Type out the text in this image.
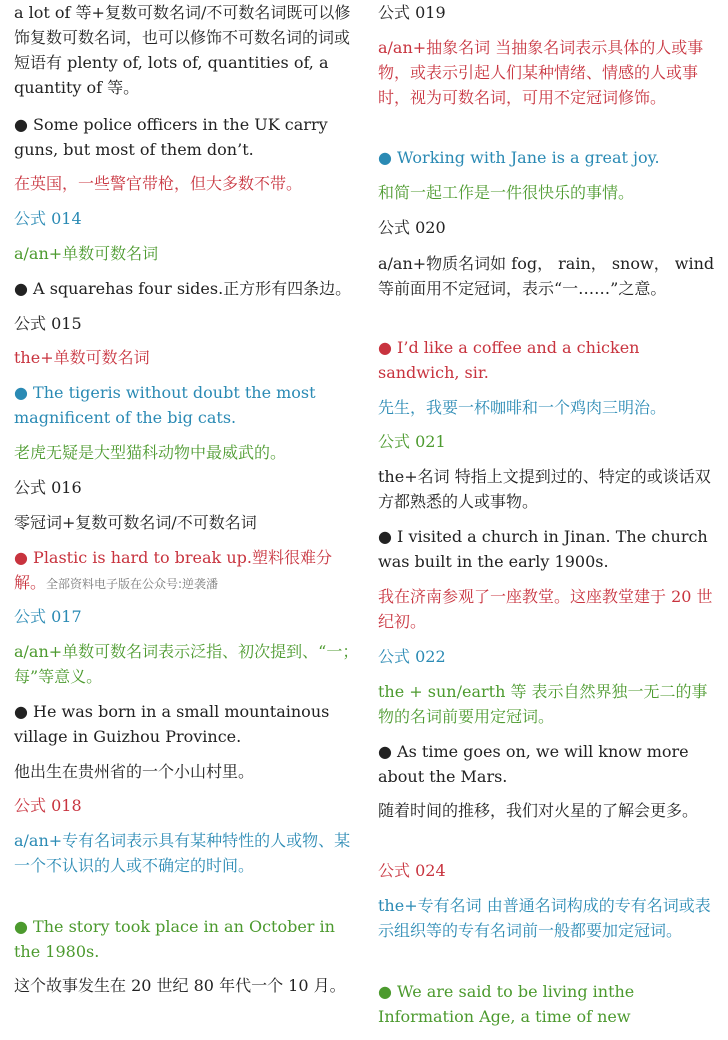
a lot of 等+复数可数名词/不可数名词既可以修饰复数可数名词，也可以修饰不可数名词的词或短语有 plenty of, lots of, quantities of, a quantity of 等。

● Some police officers in the UK carry guns, but most of them don’t.

在英国，一些警官带枪，但大多数不带。

公式 014

a/an+单数可数名词

● A squarehas four sides.正方形有四条边。

公式 015

the+单数可数名词

● The tigeris without doubt the most magnificent of the big cats.

老虎无疑是大型猫科动物中最威武的。

公式 016

零冠词+复数可数名词/不可数名词

● Plastic is hard to break up.塑料很难分解。全部资料电子版在公众号:逆袭潘

公式 017

a/an+单数可数名词表示泛指、初次提到、“一；每”等意义。

● He was born in a small mountainous village in Guizhou Province.

他出生在贵州省的一个小山村里。

公式 018

a/an+专有名词表示具有某种特性的人或物、某一个不认识的人或不确定的时间。

● The story took place in an October in the 1980s.

这个故事发生在 20 世纪 80 年代一个 10 月。

公式 019

a/an+抽象名词 当抽象名词表示具体的人或事物，或表示引起人们某种情绪、情感的人或事时，视为可数名词，可用不定冠词修饰。

● Working with Jane is a great joy.

和简一起工作是一件很快乐的事情。

公式 020

a/an+物质名词如 fog， rain， snow， wind 等前面用不定冠词，表示“一……”之意。

● I’d like a coffee and a chicken sandwich, sir.

先生，我要一杯咖啡和一个鸡肉三明治。

公式 021

the+名词 特指上文提到过的、特定的或谈话双方都熟悉的人或事物。

● I visited a church in Jinan. The church was built in the early 1900s.

我在济南参观了一座教堂。这座教堂建于 20 世纪初。

公式 022

the + sun/earth 等 表示自然界独一无二的事物的名词前要用定冠词。

● As time goes on, we will know more about the Mars.

随着时间的推移，我们对火星的了解会更多。

公式 024

the+专有名词 由普通名词构成的专有名词或表示组织等的专有名词前一般都要加定冠词。

● We are said to be living inthe Information Age, a time of new
